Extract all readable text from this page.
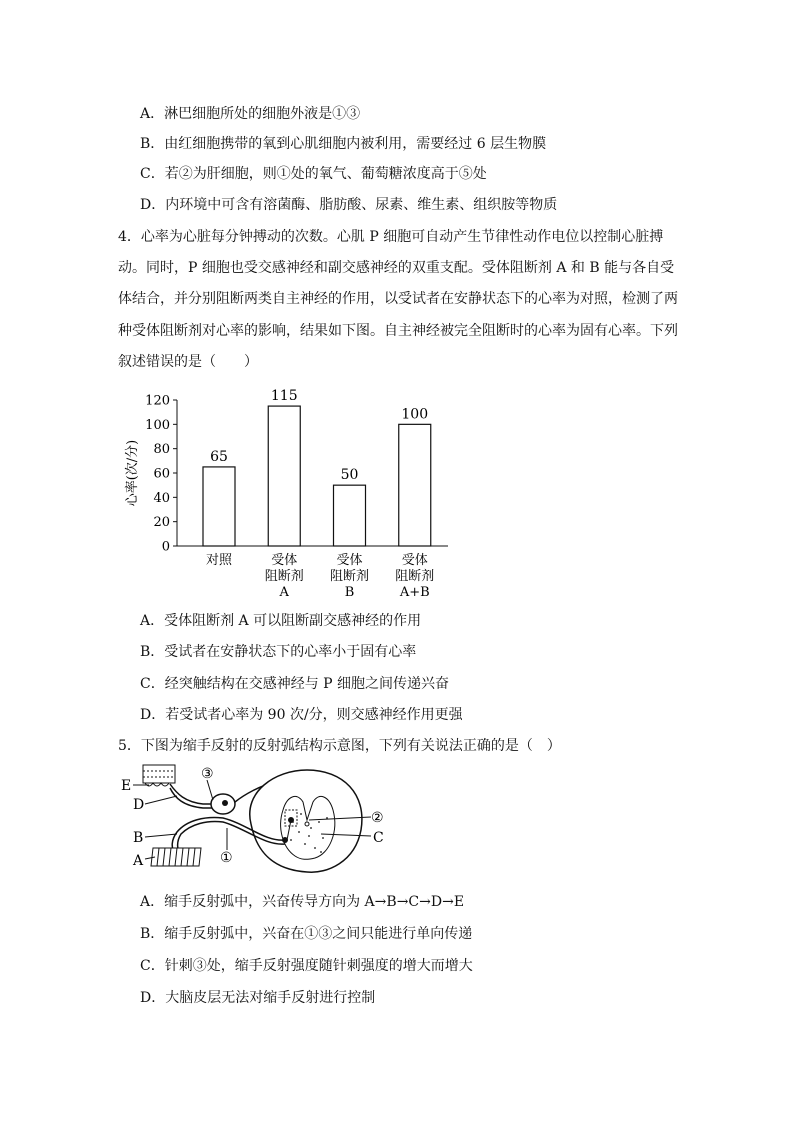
A．淋巴细胞所处的细胞外液是①③
B．由红细胞携带的氧到心肌细胞内被利用，需要经过 6 层生物膜
C．若②为肝细胞，则①处的氧气、葡萄糖浓度高于⑤处
D．内环境中可含有溶菌酶、脂肪酸、尿素、维生素、组织胺等物质
4．心率为心脏每分钟搏动的次数。心肌 P 细胞可自动产生节律性动作电位以控制心脏搏动。同时，P 细胞也受交感神经和副交感神经的双重支配。受体阻断剂 A 和 B 能与各自受体结合，并分别阻断两类自主神经的作用，以受试者在安静状态下的心率为对照，检测了两种受体阻断剂对心率的影响，结果如下图。自主神经被完全阻断时的心率为固有心率。下列叙述错误的是（　　）
0
20
40
60
80
100
120
心率(次/分)	65
对照
115
受体
阻断剂
A
50
受体
阻断剂
B
100
受体
阻断剂
A+B
A．受体阻断剂 A 可以阻断副交感神经的作用
B．受试者在安静状态下的心率小于固有心率
C．经突触结构在交感神经与 P 细胞之间传递兴奋
D．若受试者心率为 90 次/分，则交感神经作用更强
5．下图为缩手反射的反射弧结构示意图，下列有关说法正确的是（　）
E
D
B
A
③
①
②
C
A．缩手反射弧中，兴奋传导方向为 A→B→C→D→E
B．缩手反射弧中，兴奋在①③之间只能进行单向传递
C．针刺③处，缩手反射强度随针刺强度的增大而增大
D．大脑皮层无法对缩手反射进行控制
